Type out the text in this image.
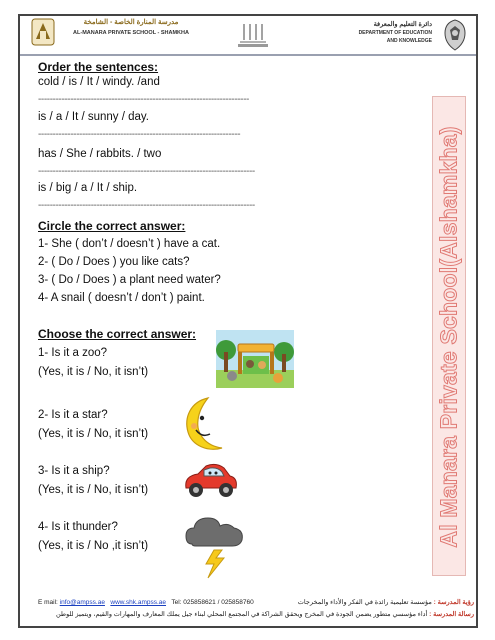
مدرسة المنارة الخاصة - الشامخة
AL-MANARA PRIVATE SCHOOL - SHAMKHA
دائرة التعليم والمعرفة
DEPARTMENT OF EDUCATION
AND KNOWLEDGE
Al Manara Private School(Alshamkha)
Order the sentences:
cold / is / It / windy. /and
------------------------------------------------------------------------
is / a / It / sunny / day.
---------------------------------------------------------------------
has / She / rabbits. / two
--------------------------------------------------------------------------
is / big / a / It / ship.
--------------------------------------------------------------------------
Circle the correct answer:
1- She ( don’t / doesn’t ) have a cat.
2- ( Do / Does ) you like cats?
3- ( Do / Does ) a plant need water?
4- A snail ( doesn’t / don’t ) paint.
Choose the correct answer:
1- Is it a zoo?
(Yes, it is / No, it isn’t)
2- Is it a star?
(Yes, it is / No, it isn’t)
3- Is it a ship?
(Yes, it is / No, it isn’t)
4- Is it thunder?
(Yes, it is / No ,it isn’t)
E mail: info@ampss.ae www.shk.ampss.ae Tel: 025858621 / 025858760	رؤية المدرسة : مؤسسة تعليمية رائدة في الفكر والأداء والمخرجات
رسالة المدرسة : أداء مؤسسي متطور يضمن الجودة في المخرج ويحقق الشراكة في المجتمع المحلي لبناء جيل يملك المعارف والمهارات والقيم، ويتميز للوطن
